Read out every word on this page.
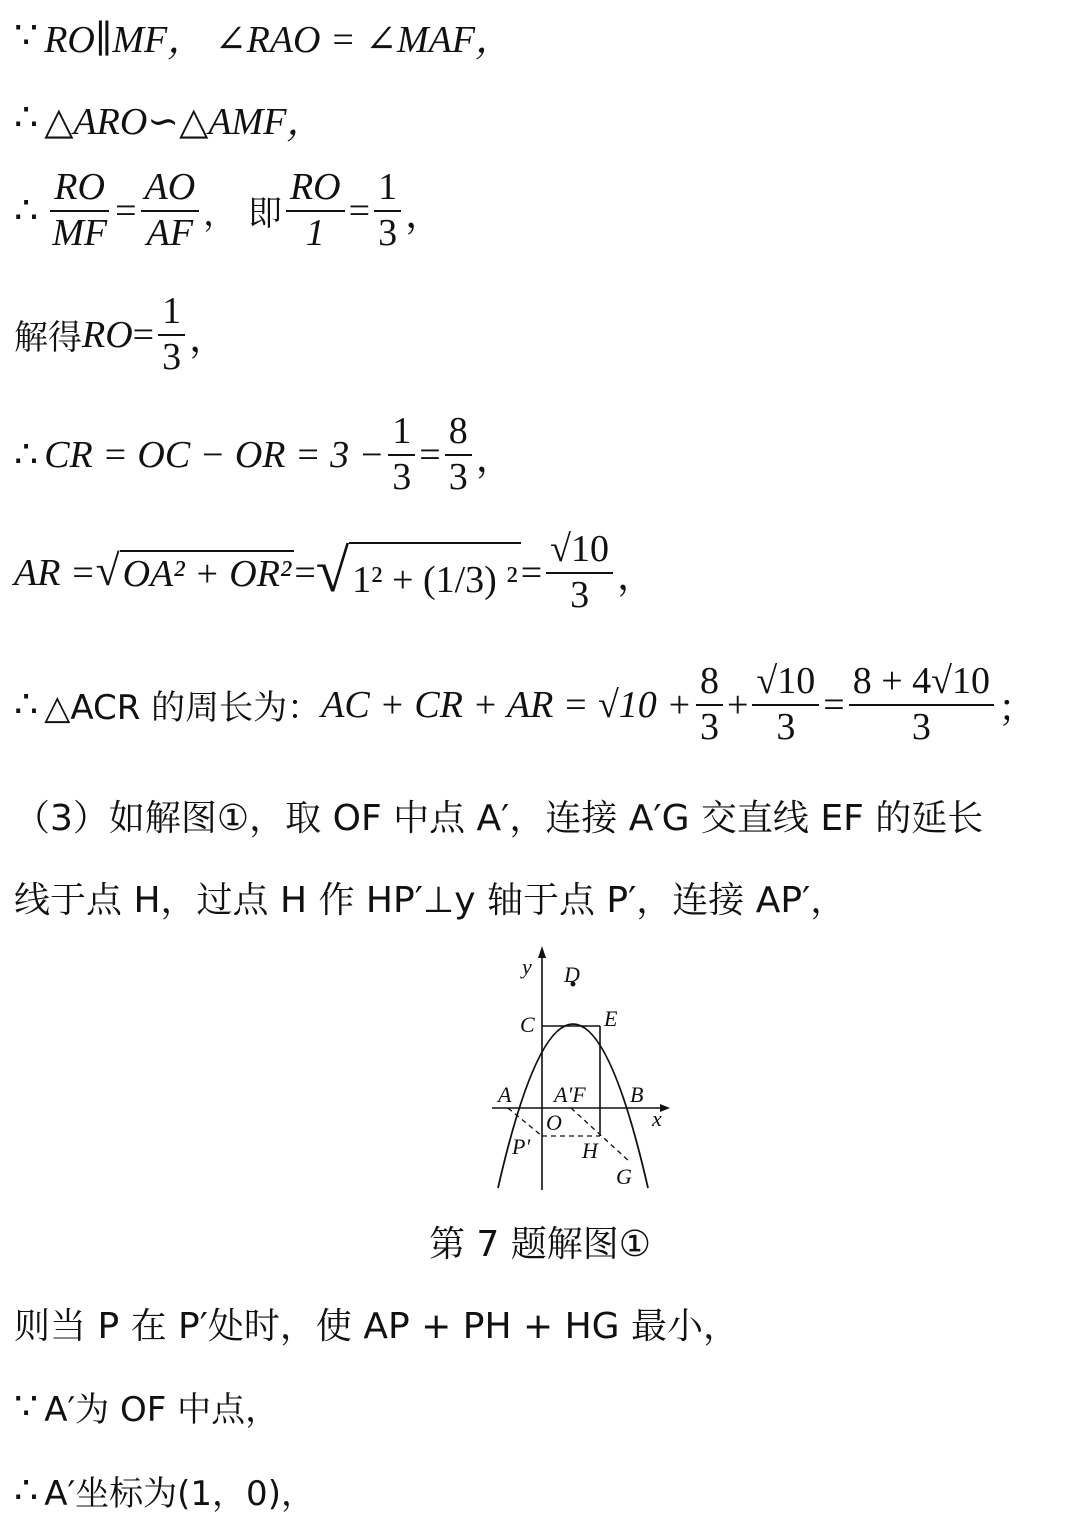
∵ RO∥MF， ∠RAO = ∠MAF，
∴ △ARO∽△AMF，
∴ $\frac{RO}{MF} = \frac{AO}{AF}$ ， 即 $\frac{RO}{1} = \frac{1}{3}$ ，
解得 RO = $\frac{1}{3}$ ，
∴ CR = OC − OR = $3 - \frac{1}{3} = \frac{8}{3}$ ，
AR = √ OA² + OR² = √ 1² + (1/3) $^2 = \frac{√10}{3}$ ，
∴ △ACR 的周长为： AC + CR + AR = $√10 + \frac{8}{3} + \frac{√10}{3} = \frac{8 + 4√10}{3}$ ；
（3）如解图①，取 OF 中点 A′，连接 A′G 交直线 EF 的延长
线于点 H，过点 H 作 HP′⊥y 轴于点 P′，连接 AP′，
y D
C	E
A A′F B
x
O
P′ H
G
第 7 题解图①
则当 P 在 P′处时，使 AP + PH + HG 最小，
∵ A′为 OF 中点，
∴ A′坐标为(1，0)，
